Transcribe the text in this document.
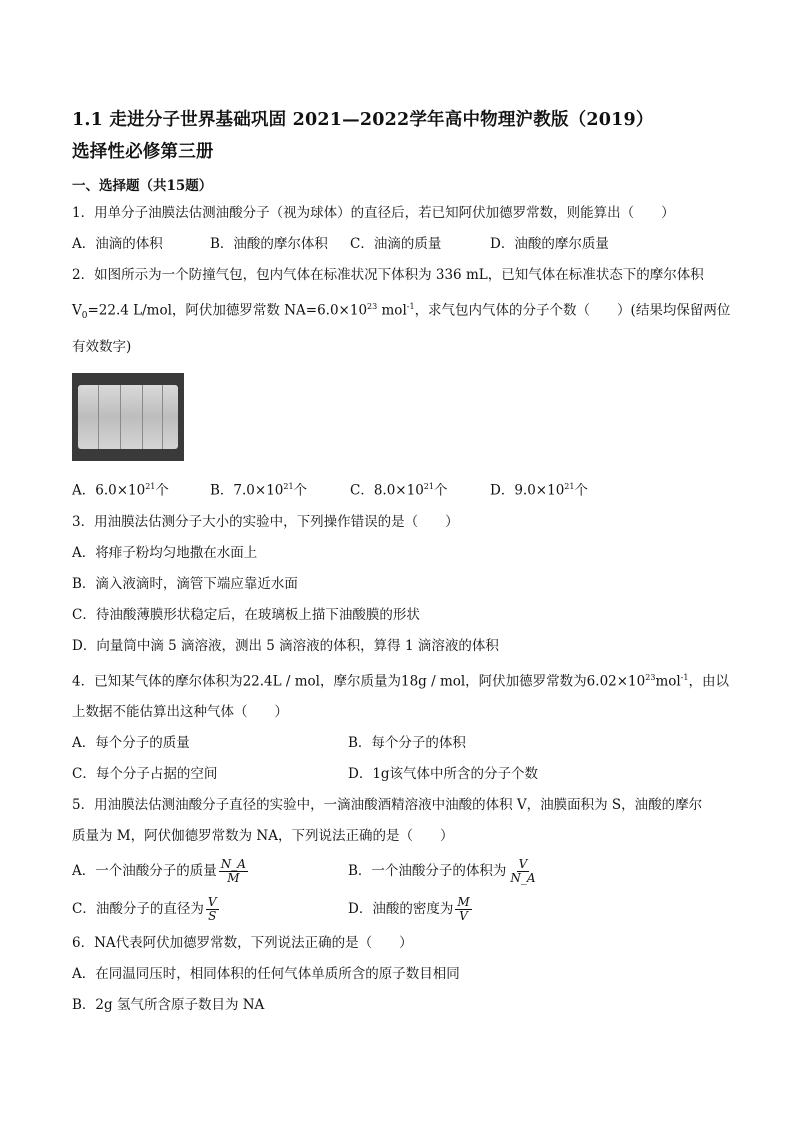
1.1 走进分子世界基础巩固 2021—2022学年高中物理沪教版（2019）

选择性必修第三册

一、选择题（共15题）
1．用单分子油膜法估测油酸分子（视为球体）的直径后，若已知阿伏加德罗常数，则能算出（　　）
A．油滴的体积	B．油酸的摩尔体积	C．油滴的质量	D．油酸的摩尔质量
2．如图所示为一个防撞气包，包内气体在标准状况下体积为 336 mL，已知气体在标准状态下的摩尔体积
$V_0=22.4$ L/mol，阿伏加德罗常数 $NA=6.0\times 10^{23}$ mol$^{-1}$，求气包内气体的分子个数（　　）(结果均保留两位
有效数字)
A．$6.0\times 10^{21}$个	B．$7.0\times 10^{21}$个	C．$8.0\times 10^{21}$个	D．$9.0\times 10^{21}$个
3．用油膜法估测分子大小的实验中，下列操作错误的是（　　）
A．将痱子粉均匀地撒在水面上
B．滴入液滴时，滴管下端应靠近水面
C．待油酸薄膜形状稳定后，在玻璃板上描下油酸膜的形状
D．向量筒中滴 5 滴溶液，测出 5 滴溶液的体积，算得 1 滴溶液的体积
4．已知某气体的摩尔体积为22.4L / mol，摩尔质量为18g / mol，阿伏加德罗常数为$6.02\times 10^{23}mol^{-1}$，由以
上数据不能估算出这种气体（　　）
A．每个分子的质量	B．每个分子的体积
C．每个分子占据的空间	D．1g该气体中所含的分子个数
5．用油膜法估测油酸分子直径的实验中，一滴油酸酒精溶液中油酸的体积 V，油膜面积为 S，油酸的摩尔
质量为 M，阿伏伽德罗常数为 NA，下列说法正确的是（　　）
A．一个油酸分子的质量 $\frac{N\_A}{M}$	B．一个油酸分子的体积为 $\frac{V}{N\_A}$
C．油酸分子的直径为 $\frac{V}{S}$	D．油酸的密度为 $\frac{M}{V}$
6．NA代表阿伏加德罗常数，下列说法正确的是（　　）
A．在同温同压时，相同体积的任何气体单质所含的原子数目相同
B．2g 氢气所含原子数目为 NA
